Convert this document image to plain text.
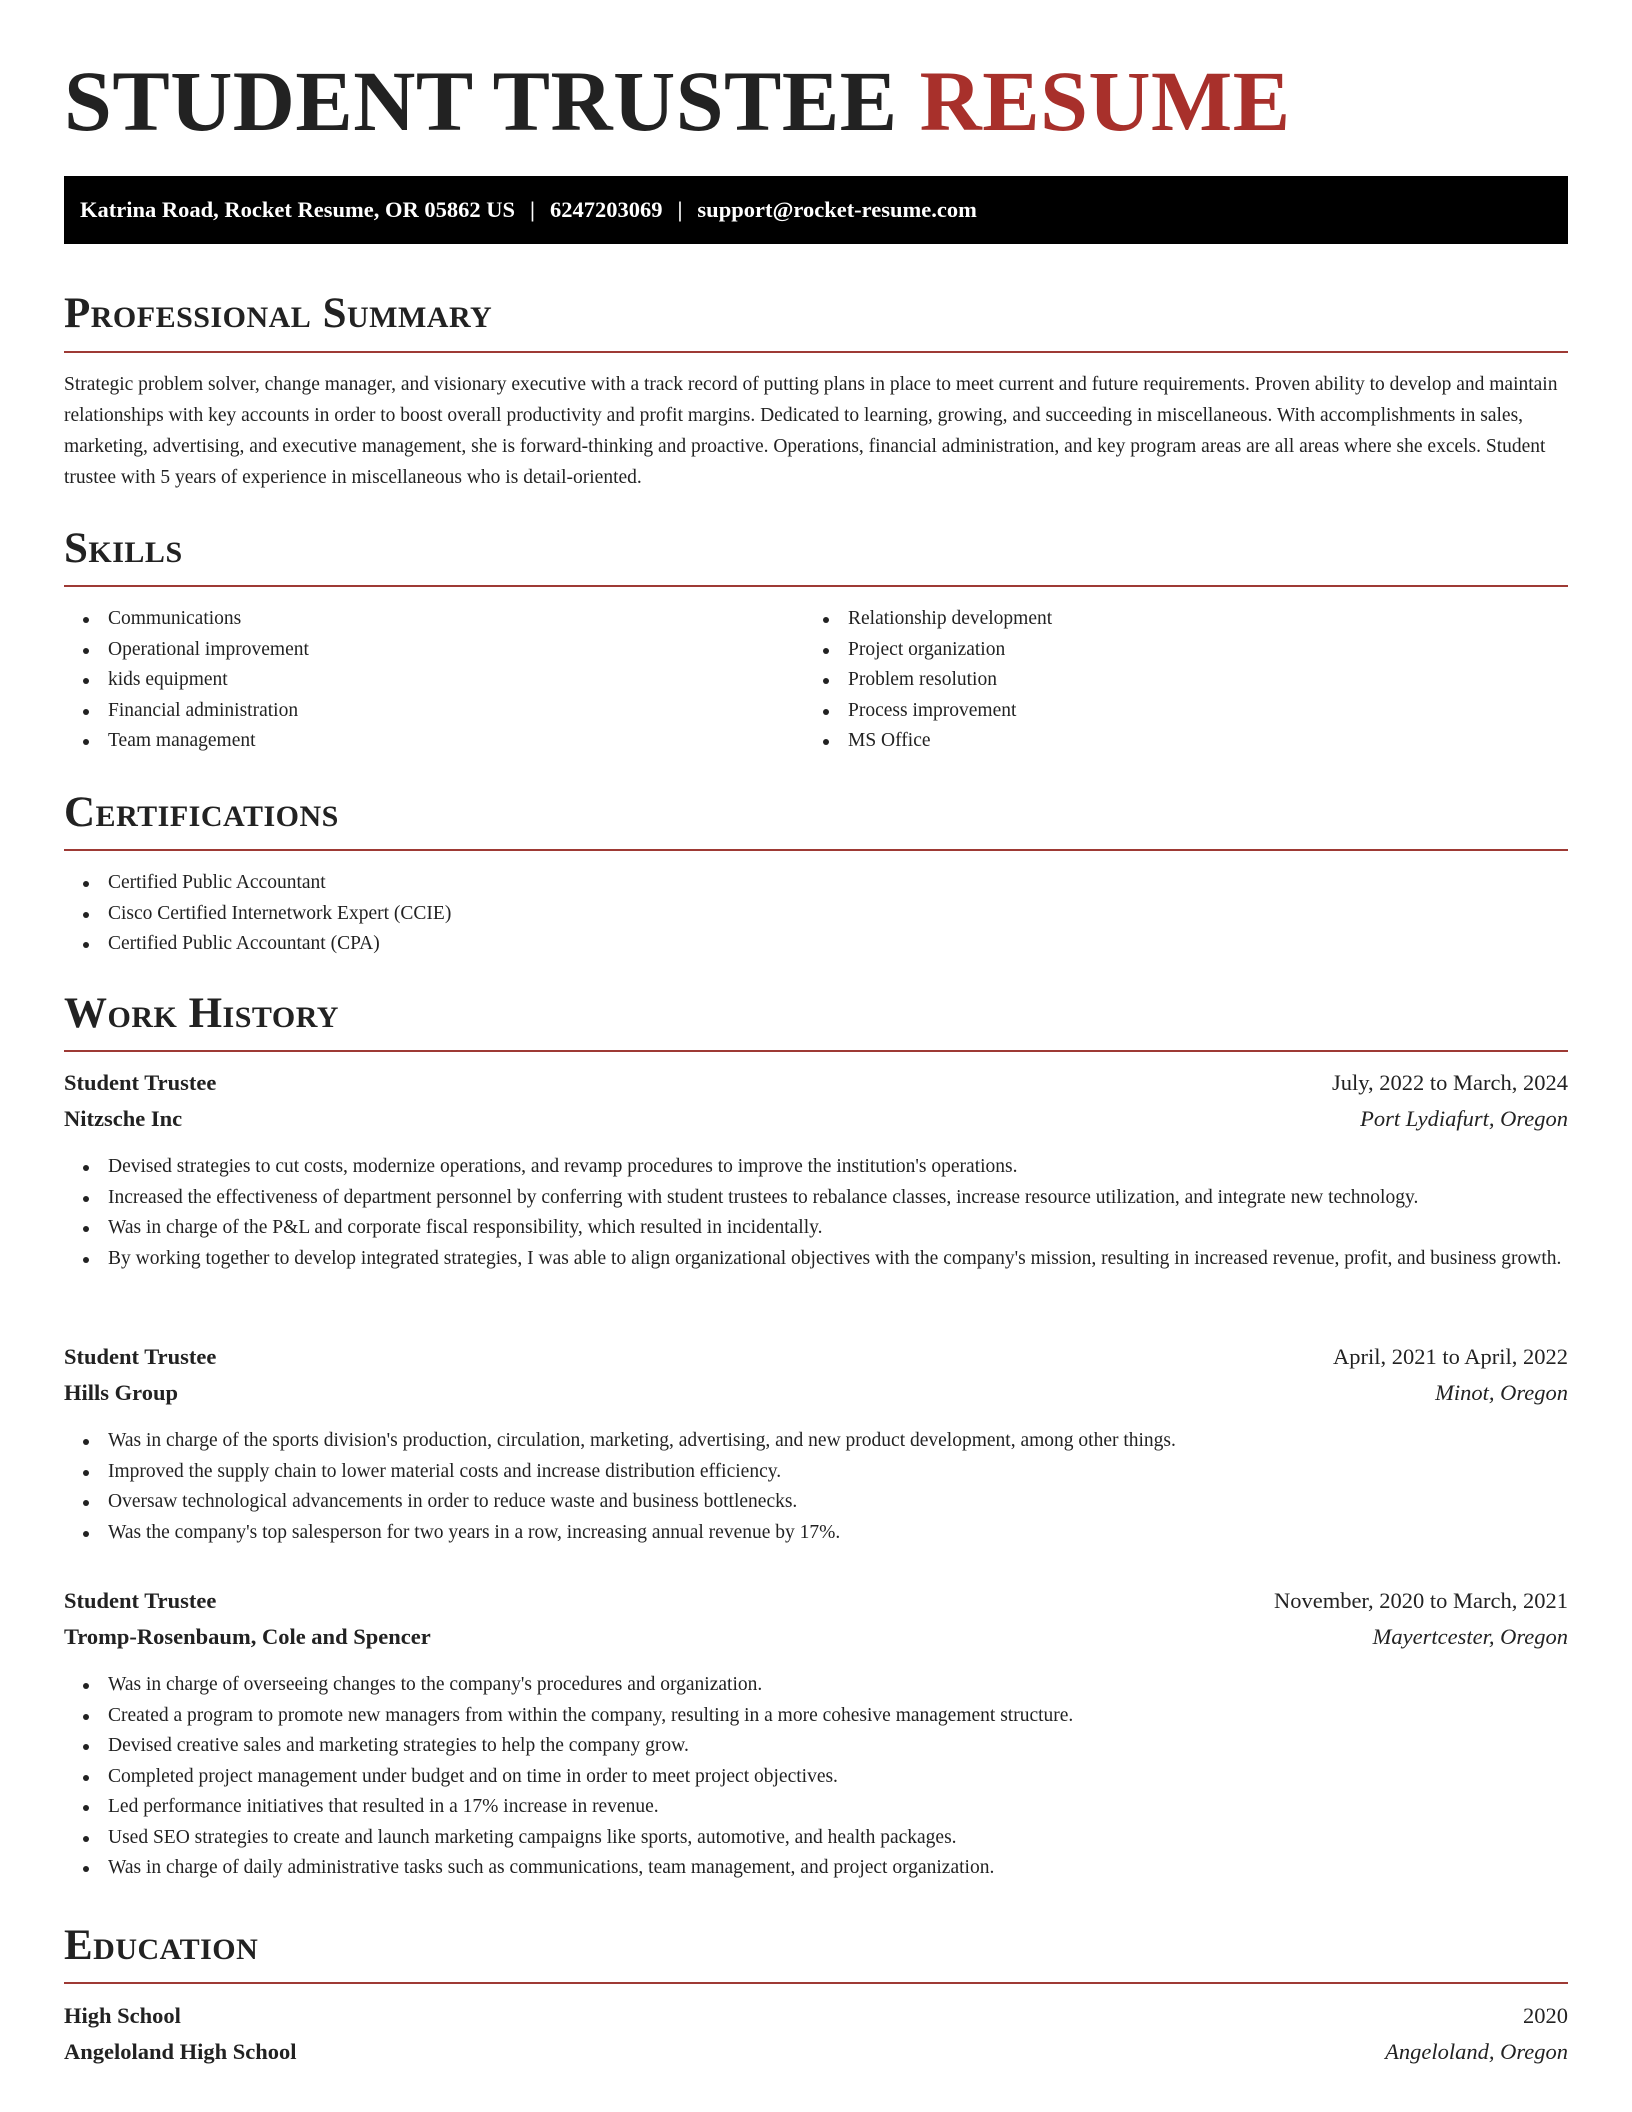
STUDENT TRUSTEE RESUME
Katrina Road, Rocket Resume, OR 05862 US | 6247203069 | support@rocket-resume.com
Professional Summary

Strategic problem solver, change manager, and visionary executive with a track record of putting plans in place to meet current and future requirements. Proven ability to develop and maintain relationships with key accounts in order to boost overall productivity and profit margins. Dedicated to learning, growing, and succeeding in miscellaneous. With accomplishments in sales, marketing, advertising, and executive management, she is forward-thinking and proactive. Operations, financial administration, and key program areas are all areas where she excels. Student trustee with 5 years of experience in miscellaneous who is detail-oriented.

Skills
Communications
Operational improvement
kids equipment
Financial administration
Team management
Relationship development
Project organization
Problem resolution
Process improvement
MS Office
Certifications
Certified Public Accountant
Cisco Certified Internetwork Expert (CCIE)
Certified Public Accountant (CPA)
Work History
Student Trustee	July, 2022 to March, 2024
Nitzsche Inc	Port Lydiafurt, Oregon
Devised strategies to cut costs, modernize operations, and revamp procedures to improve the institution's operations.
Increased the effectiveness of department personnel by conferring with student trustees to rebalance classes, increase resource utilization, and integrate new technology.
Was in charge of the P&L and corporate fiscal responsibility, which resulted in incidentally.
By working together to develop integrated strategies, I was able to align organizational objectives with the company's mission, resulting in increased revenue, profit, and business growth.
Student Trustee	April, 2021 to April, 2022
Hills Group	Minot, Oregon
Was in charge of the sports division's production, circulation, marketing, advertising, and new product development, among other things.
Improved the supply chain to lower material costs and increase distribution efficiency.
Oversaw technological advancements in order to reduce waste and business bottlenecks.
Was the company's top salesperson for two years in a row, increasing annual revenue by 17%.
Student Trustee	November, 2020 to March, 2021
Tromp-Rosenbaum, Cole and Spencer	Mayertcester, Oregon
Was in charge of overseeing changes to the company's procedures and organization.
Created a program to promote new managers from within the company, resulting in a more cohesive management structure.
Devised creative sales and marketing strategies to help the company grow.
Completed project management under budget and on time in order to meet project objectives.
Led performance initiatives that resulted in a 17% increase in revenue.
Used SEO strategies to create and launch marketing campaigns like sports, automotive, and health packages.
Was in charge of daily administrative tasks such as communications, team management, and project organization.
Education
High School	2020
Angeloland High School	Angeloland, Oregon
